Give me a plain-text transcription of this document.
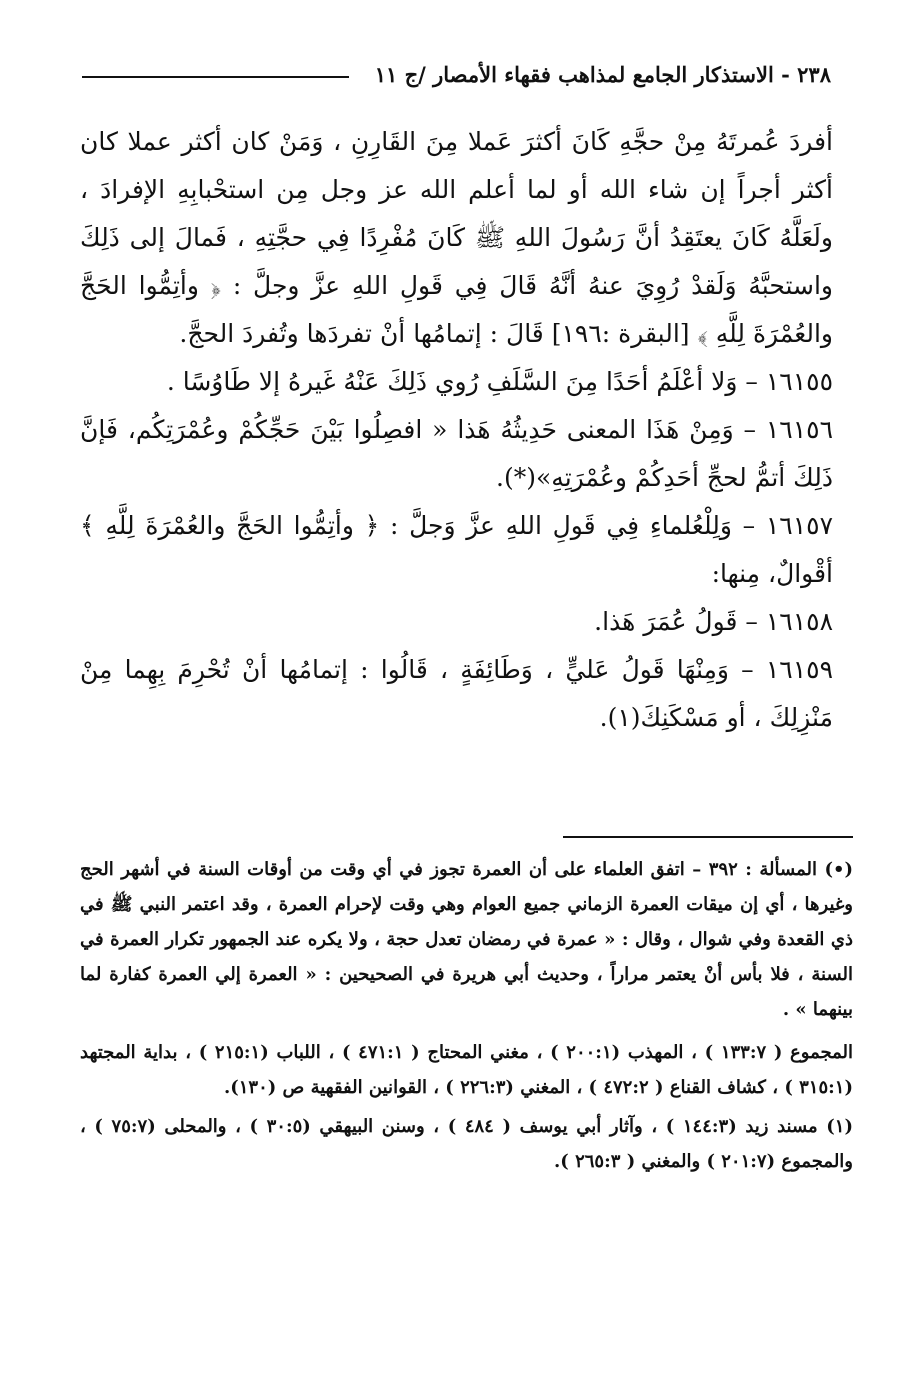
٢٣٨ - الاستذكار الجامع لمذاهب فقهاء الأمصار /ج ١١

أفردَ عُمرتَهُ مِنْ حجَّهِ كَانَ أكثرَ عَملا مِنَ القَارِنِ ، وَمَنْ كان أكثر عملا كان أكثر أجراً إن شاء الله أو لما أعلم الله عز وجل مِن استحْبابِهِ الإفرادَ ، ولَعَلَّهُ كَانَ يعتَقِدُ أنَّ رَسُولَ اللهِ ﷺ كَانَ مُفْرِدًا فِي حجَّتِهِ ، فَمالَ إلى ذَلِكَ واستحبَّهُ وَلَقدْ رُوِيَ عنهُ أنَّهُ قَالَ فِي قَولِ اللهِ عزَّ وجلَّ : ﴿ وأتِمُّوا الحَجَّ والعُمْرَةَ لِلَّهِ ﴾ [البقرة :١٩٦] قَالَ : إتمامُها أنْ تفردَها وتُفردَ الحجَّ.

١٦١٥٥ – وَلا أعْلَمُ أحَدًا مِنَ السَّلَفِ رُوي ذَلِكَ عَنْهُ غَيرهُ إلا طَاوُسًا .

١٦١٥٦ – وَمِنْ هَذَا المعنى حَدِيثُهُ هَذا « افصِلُوا بَيْنَ حَجِّكُمْ وعُمْرَتِكُم، فَإنَّ ذَلِكَ أتمُّ لحجِّ أحَدِكُمْ وعُمْرَتِهِ»(*).

١٦١٥٧ – وَلِلْعُلماءِ فِي قَولِ اللهِ عزَّ وَجلَّ : ﴿ وأتِمُّوا الحَجَّ والعُمْرَةَ لِلَّهِ ﴾ أقْوالٌ، مِنها:

١٦١٥٨ – قَولُ عُمَرَ هَذا.

١٦١٥٩ – وَمِنْهَا قَولُ عَليٍّ ، وَطَائِفَةٍ ، قَالُوا : إتمامُها أنْ تُحْرِمَ بِهِما مِنْ مَنْزِلِكَ ، أو مَسْكَنِكَ(١).

(•) المسألة : ٣٩٢ – اتفق العلماء على أن العمرة تجوز في أي وقت من أوقات السنة في أشهر الحج وغيرها ، أي إن ميقات العمرة الزماني جميع العوام وهي وقت لإحرام العمرة ، وقد اعتمر النبي ﷺ في ذي القعدة وفي شوال ، وقال : « عمرة في رمضان تعدل حجة ، ولا يكره عند الجمهور تكرار العمرة في السنة ، فلا بأس أنْ يعتمر مراراً ، وحديث أبي هريرة في الصحيحين : « العمرة إلي العمرة كفارة لما بينهما » .

المجموع ( ١٣٣:٧ ) ، المهذب (٢٠٠:١ ) ، مغني المحتاج ( ٤٧١:١ ) ، اللباب (٢١٥:١ ) ، بداية المجتهد (٣١٥:١ ) ، كشاف القناع ( ٤٧٢:٢ ) ، المغني (٢٢٦:٣ ) ، القوانين الفقهية ص (١٣٠).

(١) مسند زيد (١٤٤:٣ ) ، وآثار أبي يوسف ( ٤٨٤ ) ، وسنن البيهقي (٣٠:٥ ) ، والمحلى (٧٥:٧ ) ، والمجموع (٢٠١:٧ ) والمغني ( ٢٦٥:٣ ).
